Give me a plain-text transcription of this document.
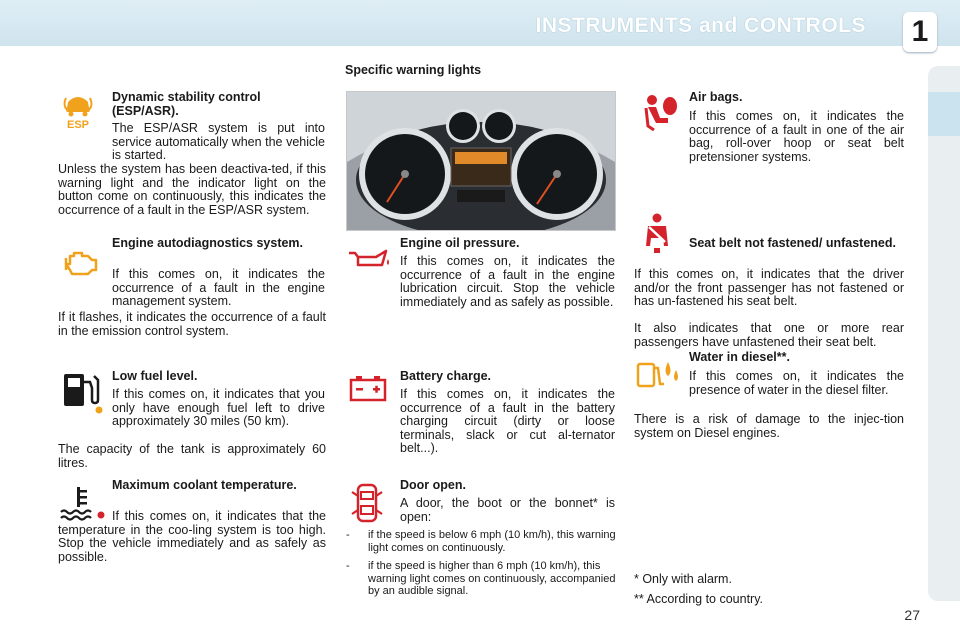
INSTRUMENTS and CONTROLS 1
Specific warning lights
ESP
Dynamic stability control (ESP/ASR).
The ESP/ASR system is put into service automatically when the vehicle is started.
Unless the system has been deactiva-ted, if this warning light and the indicator light on the button come on continuously, this indicates the occurrence of a fault in the ESP/ASR system.
Engine autodiagnostics system.
If this comes on, it indicates the occurrence of a fault in the engine management system.
If it flashes, it indicates the occurrence of a fault in the emission control system.
Low fuel level.
If this comes on, it indicates that you only have enough fuel left to drive approximately 30 miles (50 km).
The capacity of the tank is approximately 60 litres.
Maximum coolant temperature.
If this comes on, it indicates that the temperature in the coo-ling system is too high. Stop the vehicle immediately and as safely as possible.
Engine oil pressure.
If this comes on, it indicates the occurrence of a fault in the engine lubrication circuit. Stop the vehicle immediately and as safely as possible.
Battery charge.
If this comes on, it indicates the occurrence of a fault in the battery charging circuit (dirty or loose terminals, slack or cut al-ternator belt...).
Door open.
A door, the boot or the bonnet* is open:
- if the speed is below 6 mph (10 km/h), this warning light comes on continuously.
- if the speed is higher than 6 mph (10 km/h), this warning light comes on continuously, accompanied by an audible signal.
Air bags.
If this comes on, it indicates the occurrence of a fault in one of the air bag, roll-over hoop or seat belt pretensioner systems.
Seat belt not fastened/ unfastened.
If this comes on, it indicates that the driver and/or the front passenger has not fastened or has un-fastened his seat belt.
It also indicates that one or more rear passengers have unfastened their seat belt.
Water in diesel**.
If this comes on, it indicates the presence of water in the diesel filter.
There is a risk of damage to the injec-tion system on Diesel engines.
* Only with alarm.
** According to country.
27
